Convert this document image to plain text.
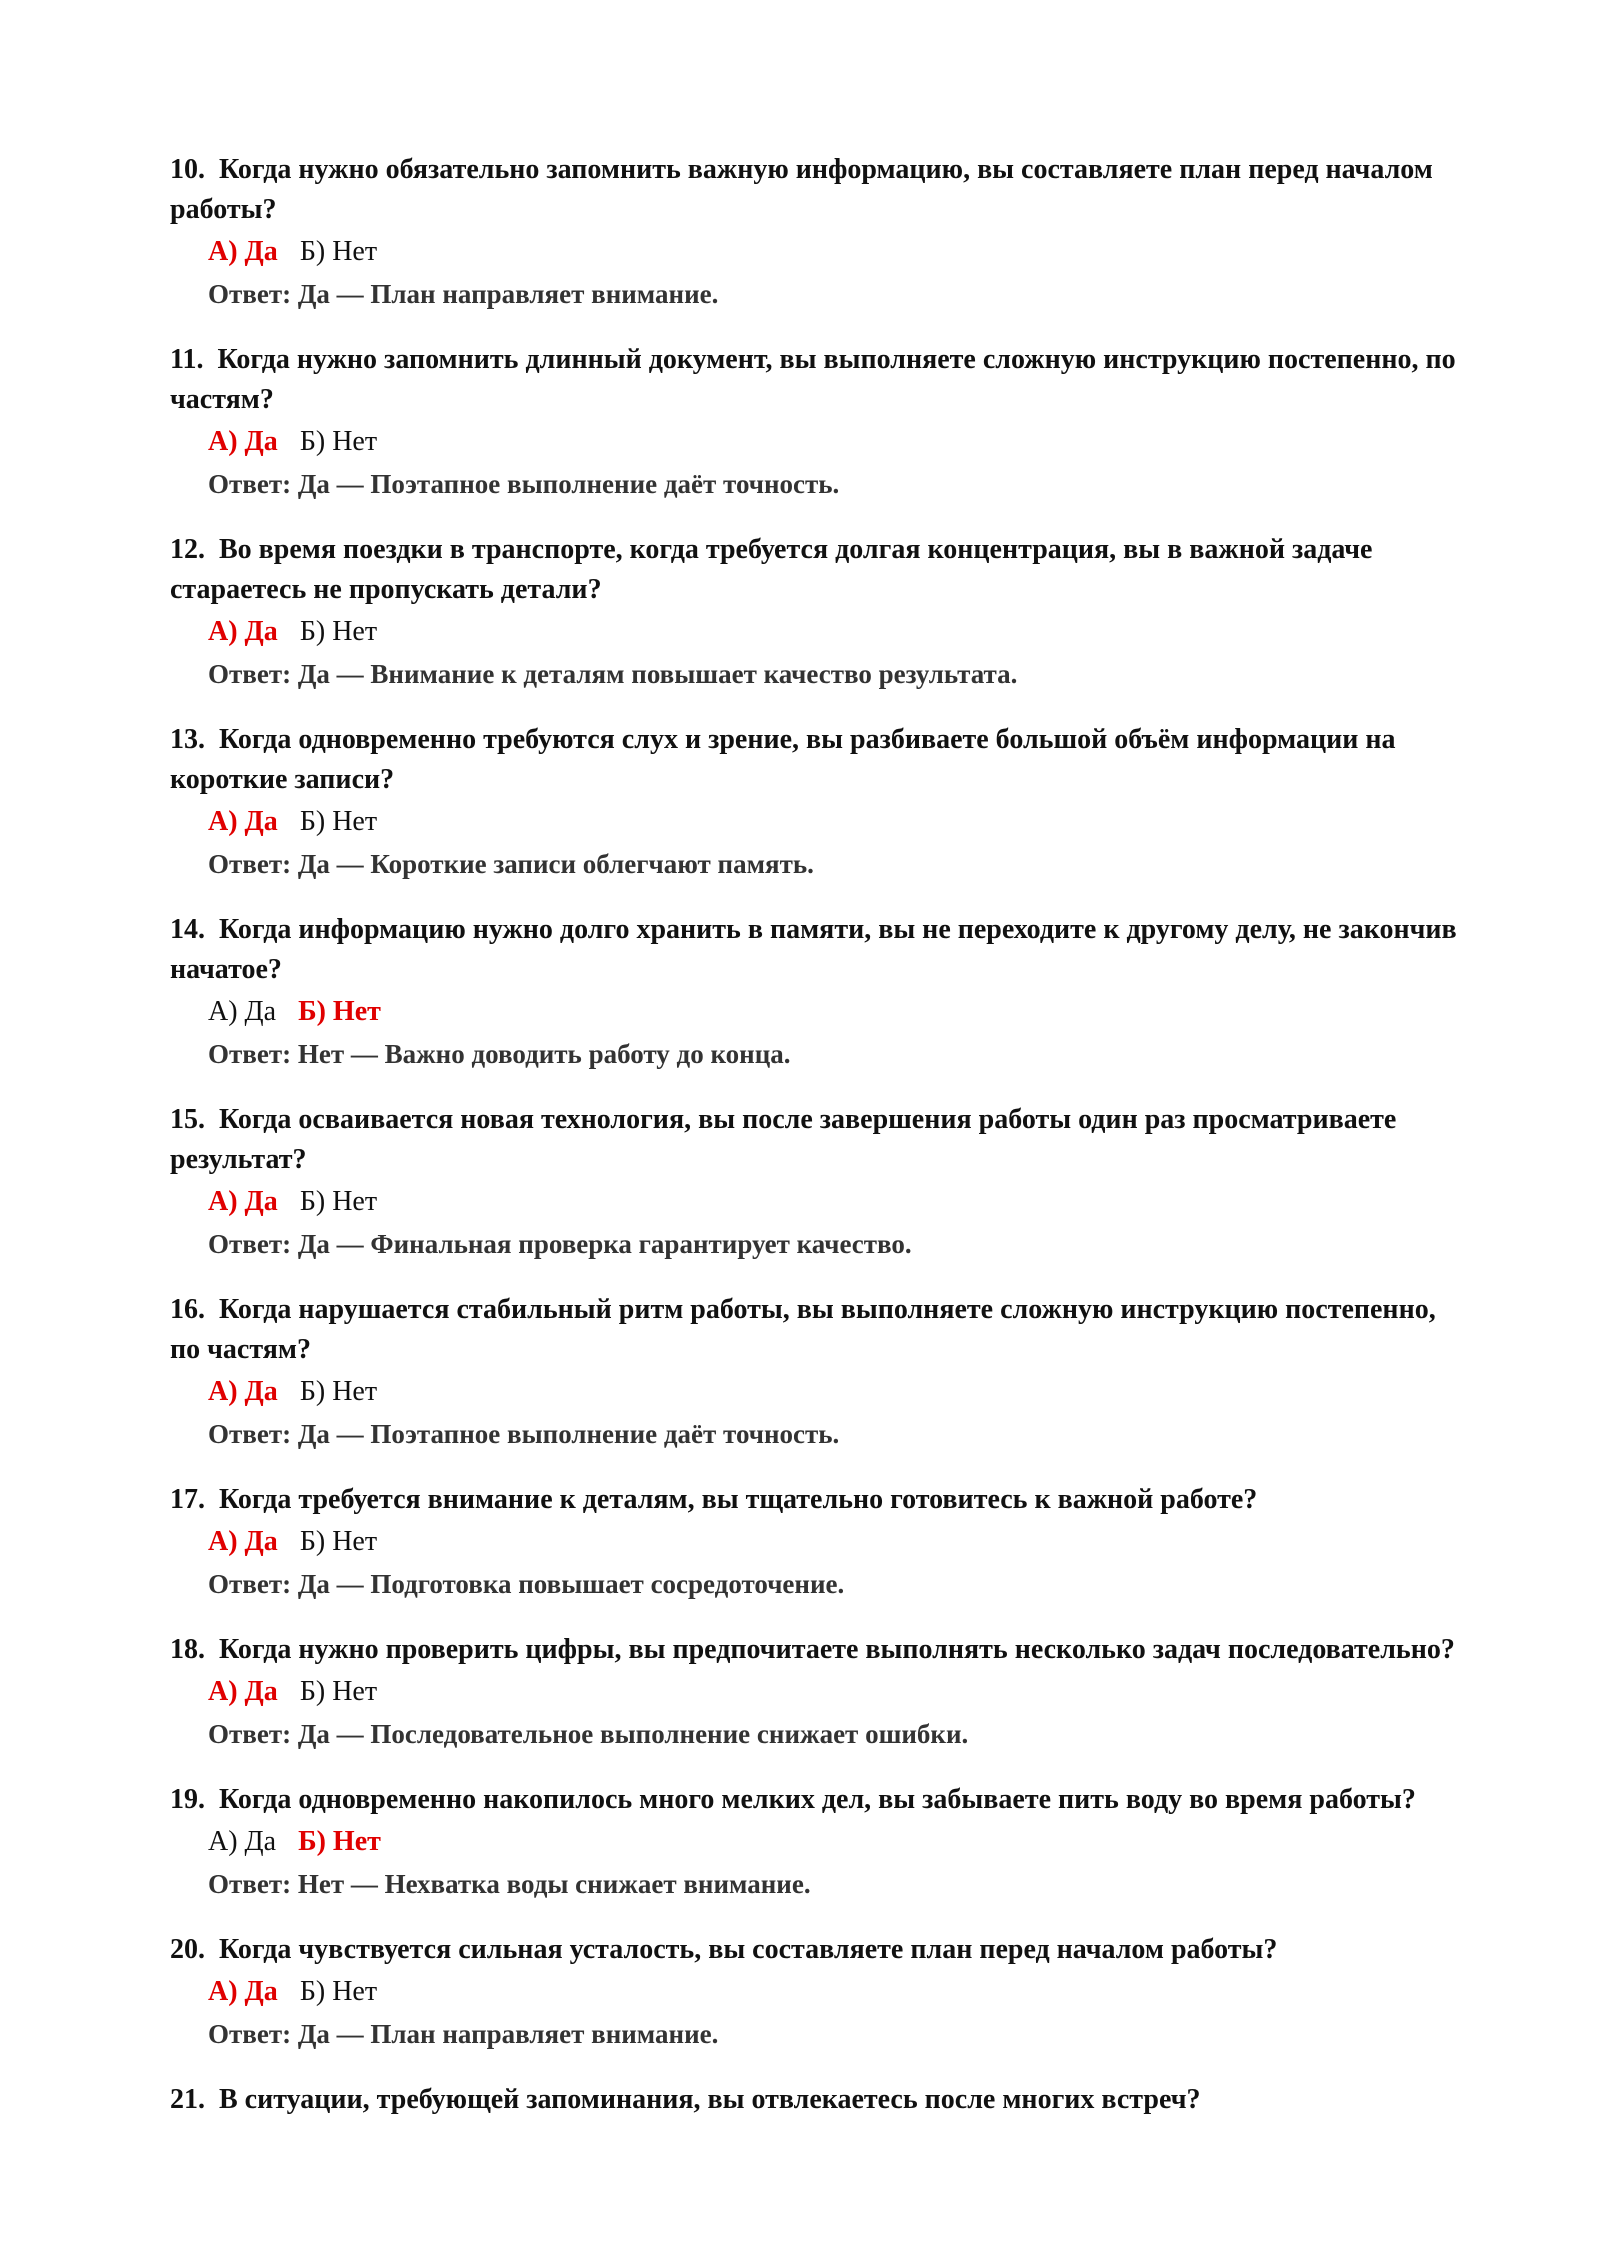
10. Когда нужно обязательно запомнить важную информацию, вы составляете план перед началом работы?

А) Да Б) Нет
Ответ: Да — План направляет внимание.

11. Когда нужно запомнить длинный документ, вы выполняете сложную инструкцию постепенно, по частям?

А) Да Б) Нет
Ответ: Да — Поэтапное выполнение даёт точность.

12. Во время поездки в транспорте, когда требуется долгая концентрация, вы в важной задаче стараетесь не пропускать детали?

А) Да Б) Нет
Ответ: Да — Внимание к деталям повышает качество результата.

13. Когда одновременно требуются слух и зрение, вы разбиваете большой объём информации на короткие записи?

А) Да Б) Нет
Ответ: Да — Короткие записи облегчают память.

14. Когда информацию нужно долго хранить в памяти, вы не переходите к другому делу, не закончив начатое?

А) Да Б) Нет
Ответ: Нет — Важно доводить работу до конца.

15. Когда осваивается новая технология, вы после завершения работы один раз просматриваете результат?

А) Да Б) Нет
Ответ: Да — Финальная проверка гарантирует качество.

16. Когда нарушается стабильный ритм работы, вы выполняете сложную инструкцию постепенно, по частям?

А) Да Б) Нет
Ответ: Да — Поэтапное выполнение даёт точность.

17. Когда требуется внимание к деталям, вы тщательно готовитесь к важной работе?

А) Да Б) Нет
Ответ: Да — Подготовка повышает сосредоточение.

18. Когда нужно проверить цифры, вы предпочитаете выполнять несколько задач последовательно?

А) Да Б) Нет
Ответ: Да — Последовательное выполнение снижает ошибки.

19. Когда одновременно накопилось много мелких дел, вы забываете пить воду во время работы?

А) Да Б) Нет
Ответ: Нет — Нехватка воды снижает внимание.

20. Когда чувствуется сильная усталость, вы составляете план перед началом работы?

А) Да Б) Нет
Ответ: Да — План направляет внимание.

21. В ситуации, требующей запоминания, вы отвлекаетесь после многих встреч?
